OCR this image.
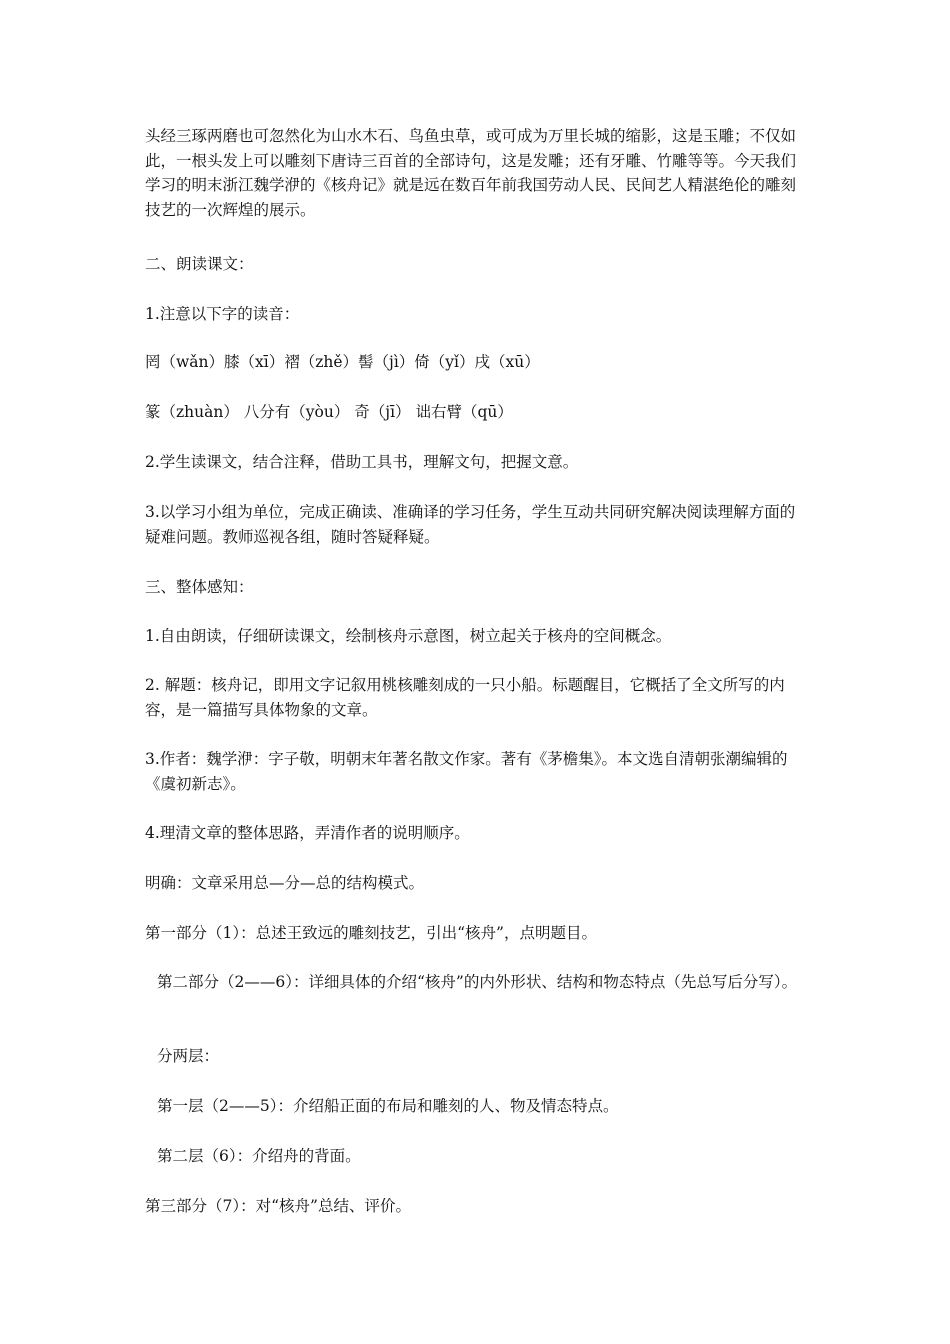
头经三琢两磨也可忽然化为山水木石、鸟鱼虫草，或可成为万里长城的缩影，这是玉雕；不仅如此，一根头发上可以雕刻下唐诗三百首的全部诗句，这是发雕；还有牙雕、竹雕等等。今天我们学习的明末浙江魏学洢的《核舟记》就是远在数百年前我国劳动人民、民间艺人精湛绝伦的雕刻技艺的一次辉煌的展示。

二、朗读课文：

1.注意以下字的读音：

罔（wǎn）膝（xī）褶（zhě）髻（jì）倚（yǐ）戌（xū）

篆（zhuàn） 八分有（yòu） 奇（jī） 诎右臂（qū）

2.学生读课文，结合注释，借助工具书，理解文句，把握文意。

3.以学习小组为单位，完成正确读、准确译的学习任务，学生互动共同研究解决阅读理解方面的疑难问题。教师巡视各组，随时答疑释疑。

三、整体感知：

1.自由朗读，仔细研读课文，绘制核舟示意图，树立起关于核舟的空间概念。

2. 解题：核舟记，即用文字记叙用桃核雕刻成的一只小船。标题醒目，它概括了全文所写的内容，是一篇描写具体物象的文章。

3.作者：魏学洢：字子敬，明朝末年著名散文作家。著有《茅檐集》。本文选自清朝张潮编辑的《虞初新志》。

4.理清文章的整体思路，弄清作者的说明顺序。

明确：文章采用总—分—总的结构模式。

第一部分（1）：总述王致远的雕刻技艺，引出“核舟”，点明题目。

第二部分（2——6）：详细具体的介绍“核舟”的内外形状、结构和物态特点（先总写后分写）。

分两层：

第一层（2——5）：介绍船正面的布局和雕刻的人、物及情态特点。

第二层（6）：介绍舟的背面。

第三部分（7）：对“核舟”总结、评价。
